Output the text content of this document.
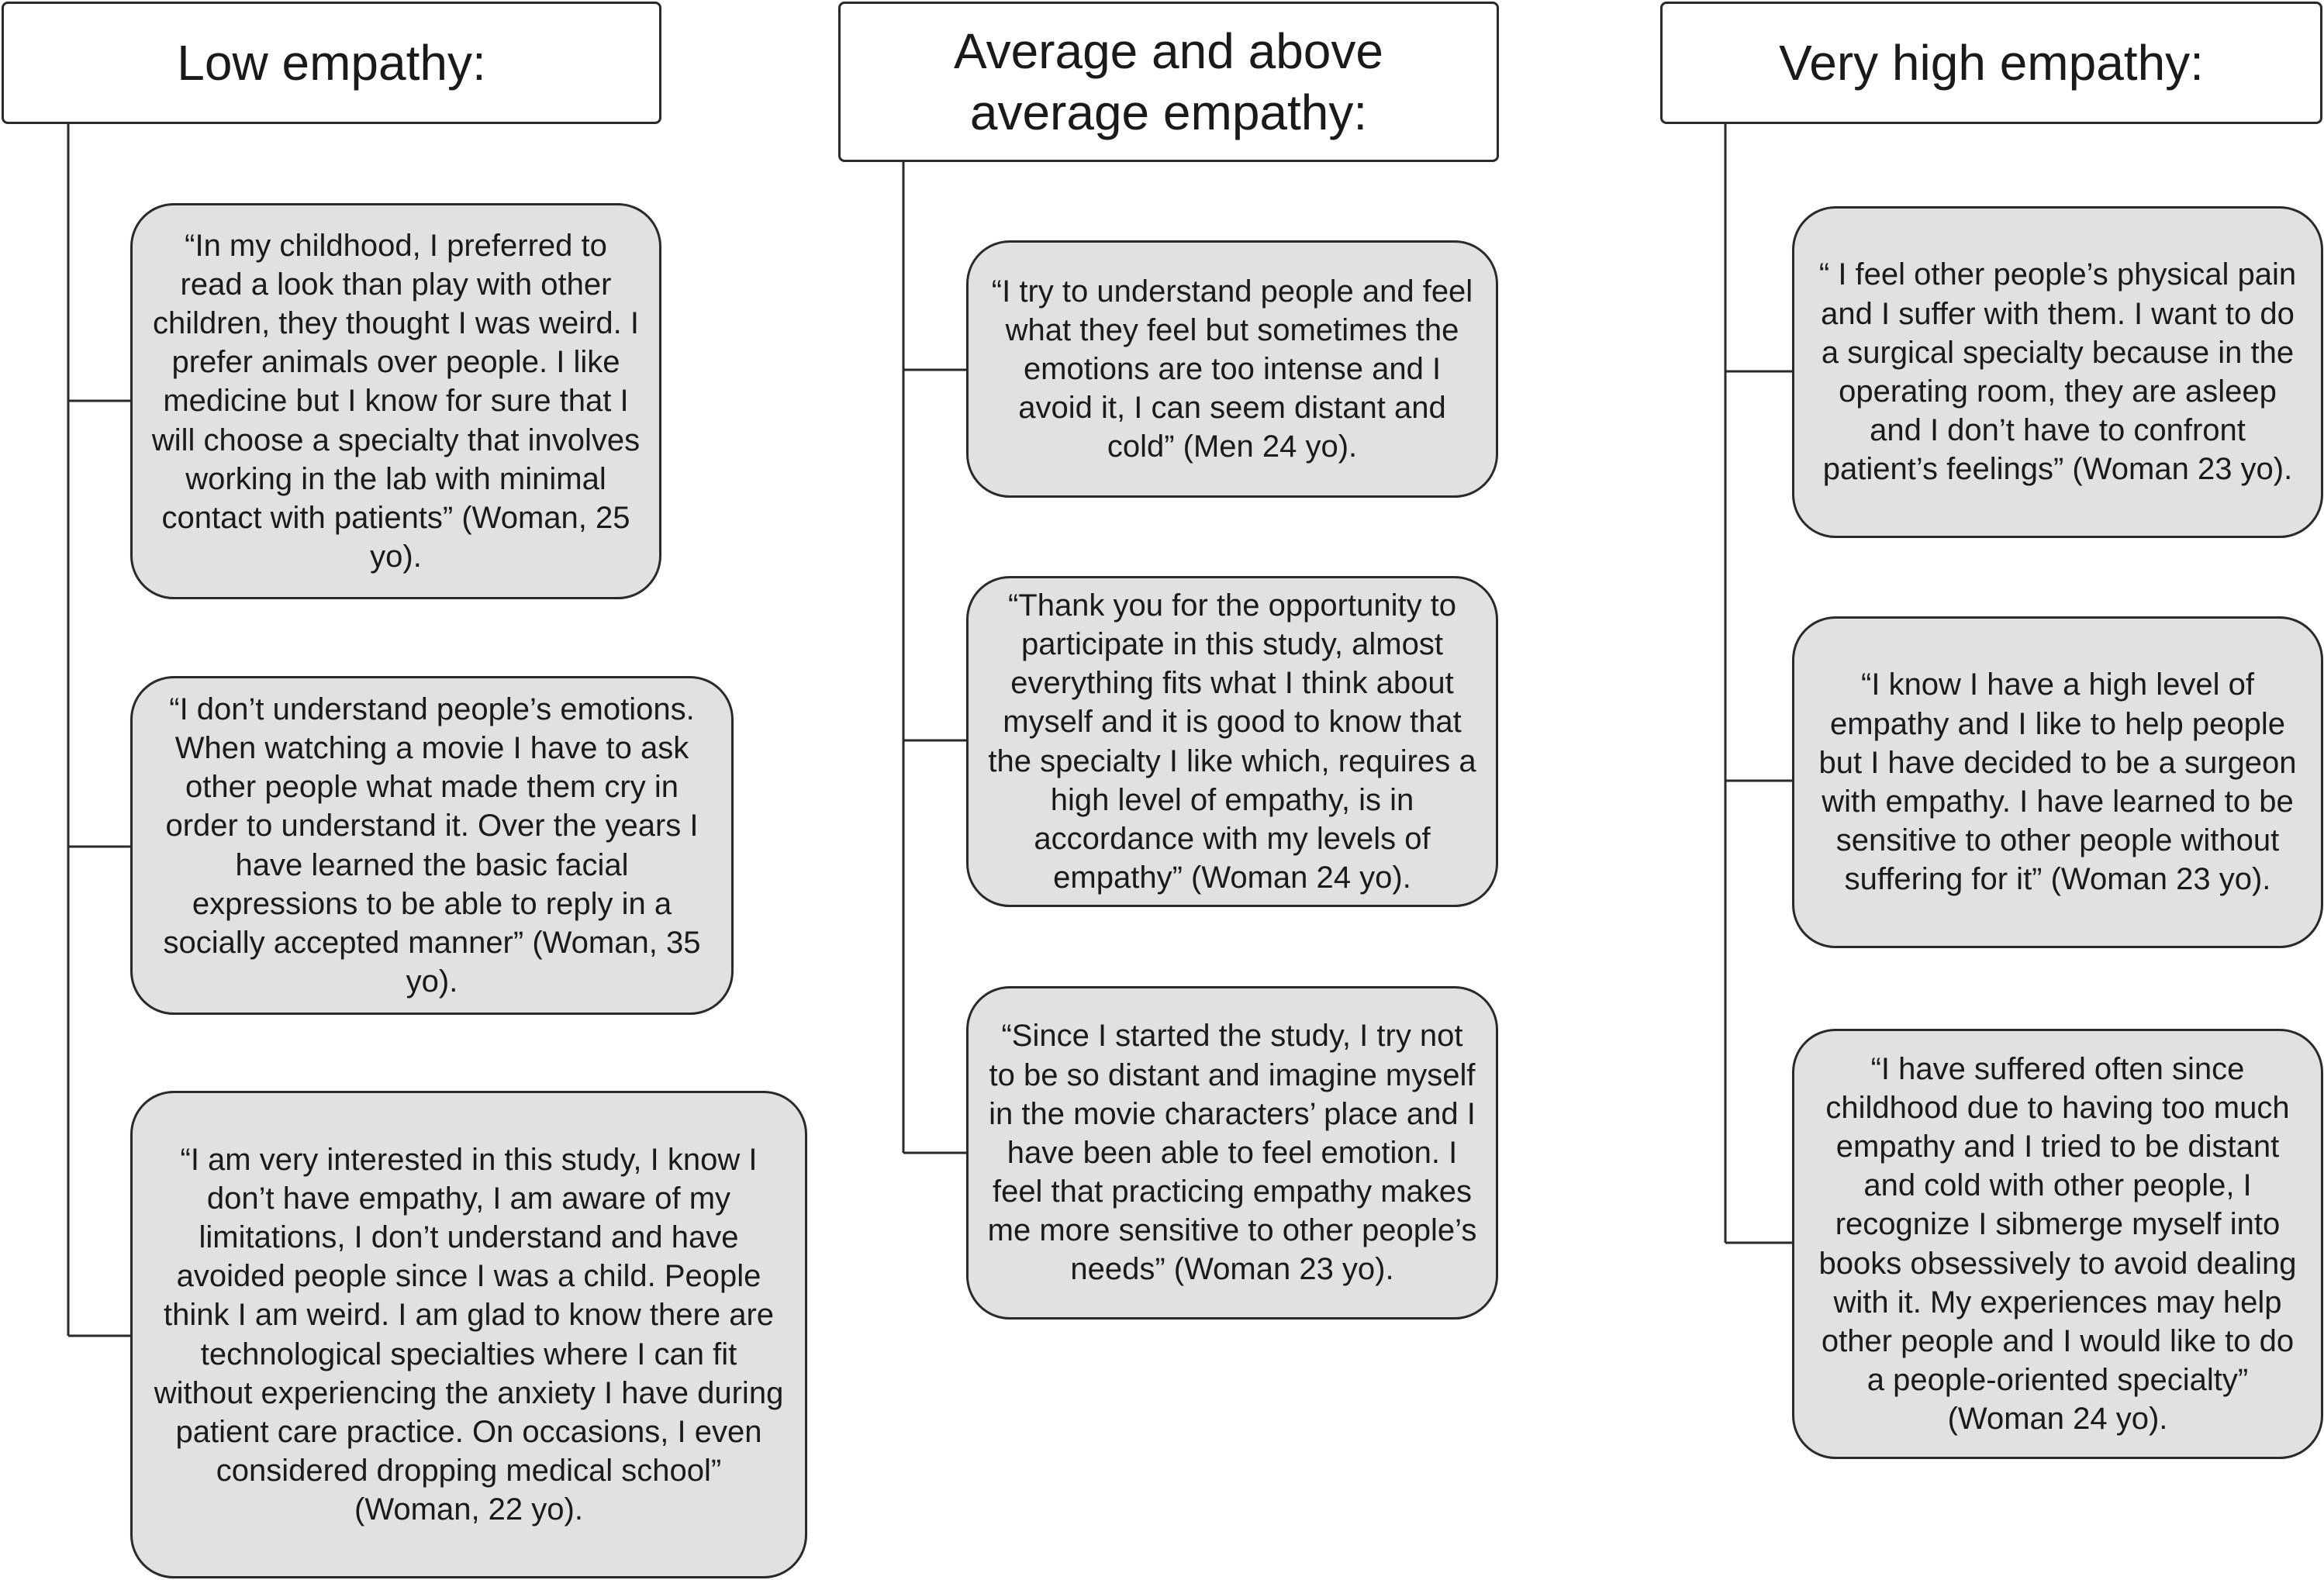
Low empathy:
“In my childhood, I preferred to read a look than play with other children, they thought I was weird. I prefer animals over people. I like medicine but I know for sure that I will choose a specialty that involves working in the lab with minimal contact with patients” (Woman, 25 yo).
“I don’t understand people’s emotions. When watching a movie I have to ask other people what made them cry in order to understand it. Over the years I have learned the basic facial expressions to be able to reply in a socially accepted manner” (Woman, 35 yo).
“I am very interested in this study, I know I don’t have empathy, I am aware of my limitations, I don’t understand and have avoided people since I was a child. People think I am weird. I am glad to know there are technological specialties where I can fit without experiencing the anxiety I have during patient care practice. On occasions, I even considered dropping medical school” (Woman, 22 yo).
Average and above average empathy:
“I try to understand people and feel what they feel but sometimes the emotions are too intense and I avoid it, I can seem distant and cold” (Men 24 yo).
“Thank you for the opportunity to participate in this study, almost everything fits what I think about myself and it is good to know that the specialty I like which, requires a high level of empathy, is in accordance with my levels of empathy” (Woman 24 yo).
“Since I started the study, I try not to be so distant and imagine myself in the movie characters’ place and I have been able to feel emotion. I feel that practicing empathy makes me more sensitive to other people’s needs” (Woman 23 yo).
Very high empathy:
“ I feel other people’s physical pain and I suffer with them. I want to do a surgical specialty because in the operating room, they are asleep and I don’t have to confront patient’s feelings” (Woman 23 yo).
“I know I have a high level of empathy and I like to help people but I have decided to be a surgeon with empathy. I have learned to be sensitive to other people without suffering for it” (Woman 23 yo).
“I have suffered often since childhood due to having too much empathy and I tried to be distant and cold with other people, I recognize I sibmerge myself into books obsessively to avoid dealing with it. My experiences may help other people and I would like to do a people-oriented specialty” (Woman 24 yo).
